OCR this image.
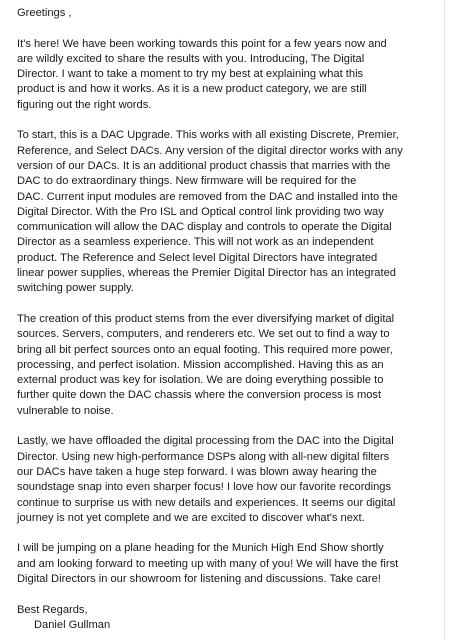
Greetings ,

It's here! We have been working towards this point for a few years now and
are wildly excited to share the results with you. Introducing, The Digital
Director. I want to take a moment to try my best at explaining what this
product is and how it works. As it is a new product category, we are still
figuring out the right words.

To start, this is a DAC Upgrade. This works with all existing Discrete, Premier,
Reference, and Select DACs. Any version of the digital director works with any
version of our DACs. It is an additional product chassis that marries with the
DAC to do extraordinary things. New firmware will be required for the
DAC. Current input modules are removed from the DAC and installed into the
Digital Director. With the Pro ISL and Optical control link providing two way
communication will allow the DAC display and controls to operate the Digital
Director as a seamless experience. This will not work as an independent
product. The Reference and Select level Digital Directors have integrated
linear power supplies, whereas the Premier Digital Director has an integrated
switching power supply.

The creation of this product stems from the ever diversifying market of digital
sources. Servers, computers, and renderers etc. We set out to find a way to
bring all bit perfect sources onto an equal footing. This required more power,
processing, and perfect isolation. Mission accomplished. Having this as an
external product was key for isolation. We are doing everything possible to
further quite down the DAC chassis where the conversion process is most
vulnerable to noise.

Lastly, we have offloaded the digital processing from the DAC into the Digital
Director. Using new high-performance DSPs along with all-new digital filters
our DACs have taken a huge step forward. I was blown away hearing the
soundstage snap into even sharper focus! I love how our favorite recordings
continue to surprise us with new details and experiences. It seems our digital
journey is not yet complete and we are excited to discover what's next.

I will be jumping on a plane heading for the Munich High End Show shortly
and am looking forward to meeting up with many of you! We will have the first
Digital Directors in our showroom for listening and discussions. Take care!

Best Regards,

Daniel Gullman
